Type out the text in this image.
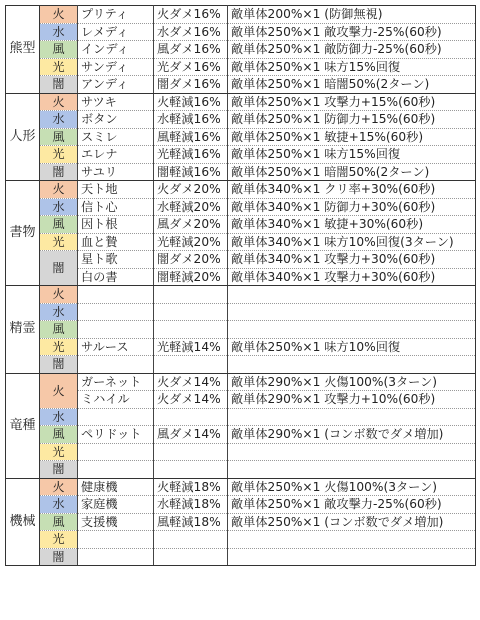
熊型	火	プリティ	火ダメ16%	敵単体200%×1 (防御無視)
	水	レメディ	水ダメ16%	敵単体250%×1 敵攻撃力-25%(60秒)
	風	インディ	風ダメ16%	敵単体250%×1 敵防御力-25%(60秒)
	光	サンディ	光ダメ16%	敵単体250%×1 味方15%回復
	闇	アンディ	闇ダメ16%	敵単体250%×1 暗闇50%(2ターン)
人形	火	サツキ	火軽減16%	敵単体250%×1 攻撃力+15%(60秒)
	水	ボタン	水軽減16%	敵単体250%×1 防御力+15%(60秒)
	風	スミレ	風軽減16%	敵単体250%×1 敏捷+15%(60秒)
	光	エレナ	光軽減16%	敵単体250%×1 味方15%回復
	闇	サユリ	闇軽減16%	敵単体250%×1 暗闇50%(2ターン)
書物	火	天ト地	火ダメ20%	敵単体340%×1 クリ率+30%(60秒)
	水	信ト心	水軽減20%	敵単体340%×1 防御力+30%(60秒)
	風	因ト根	風ダメ20%	敵単体340%×1 敏捷+30%(60秒)
	光	血と贄	光軽減20%	敵単体340%×1 味方10%回復(3ターン)
	闇	星ト歌	闇ダメ20%	敵単体340%×1 攻撃力+30%(60秒)
		白の書	闇軽減20%	敵単体340%×1 攻撃力+30%(60秒)
精霊	火			
	水			
	風			
	光	サルース	光軽減14%	敵単体250%×1 味方10%回復
	闇			
竜種	火	ガーネット	火ダメ14%	敵単体290%×1 火傷100%(3ターン)
		ミハイル	火ダメ14%	敵単体290%×1 攻撃力+10%(60秒)
	水			
	風	ペリドット	風ダメ14%	敵単体290%×1 (コンボ数でダメ増加)
	光			
	闇			
機械	火	健康機	火軽減18%	敵単体250%×1 火傷100%(3ターン)
	水	家庭機	水軽減18%	敵単体250%×1 敵攻撃力-25%(60秒)
	風	支援機	風軽減18%	敵単体250%×1 (コンボ数でダメ増加)
	光			
	闇			
